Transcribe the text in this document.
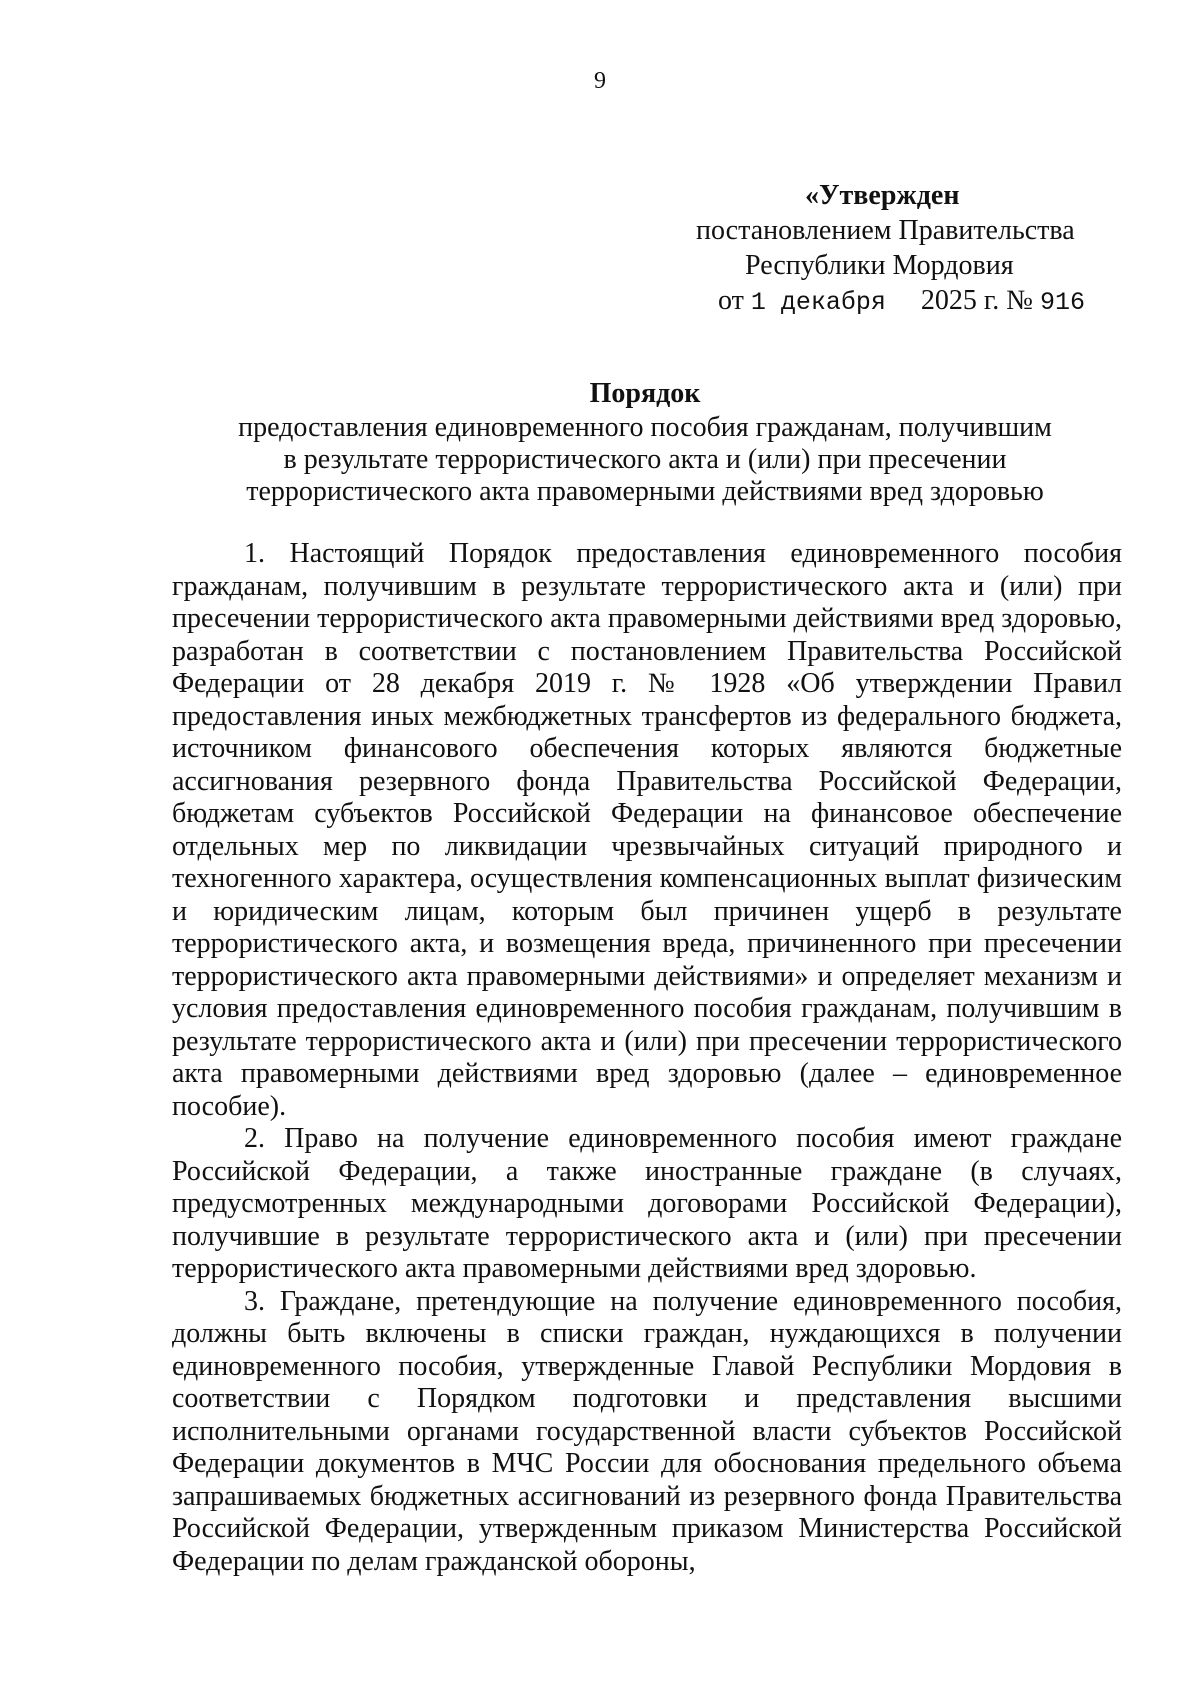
9
«Утвержден
постановлением Правительства
Республики Мордовия
от 1 декабря 2025 г. № 916
Порядок
предоставления единовременного пособия гражданам, получившим
в результате террористического акта и (или) при пресечении
террористического акта правомерными действиями вред здоровью

1. Настоящий Порядок предоставления единовременного пособия гражданам, получившим в результате террористического акта и (или) при пресечении террористического акта правомерными действиями вред здоровью, разработан в соответствии с постановлением Правительства Российской Федерации от 28 декабря 2019 г. № 1928 «Об утверждении Правил предоставления иных межбюджетных трансфертов из федерального бюджета, источником финансового обеспечения которых являются бюджетные ассигнования резервного фонда Правительства Российской Федерации, бюджетам субъектов Российской Федерации на финансовое обеспечение отдельных мер по ликвидации чрезвычайных ситуаций природного и техногенного характера, осуществления компенсационных выплат физическим и юридическим лицам, которым был причинен ущерб в результате террористического акта, и возмещения вреда, причиненного при пресечении террористического акта правомерными действиями» и определяет механизм и условия предоставления единовременного пособия гражданам, получившим в результате террористического акта и (или) при пресечении террористического акта правомерными действиями вред здоровью (далее – единовременное пособие).

2. Право на получение единовременного пособия имеют граждане Российской Федерации, а также иностранные граждане (в случаях, предусмотренных международными договорами Российской Федерации), получившие в результате террористического акта и (или) при пресечении террористического акта правомерными действиями вред здоровью.

3. Граждане, претендующие на получение единовременного пособия, должны быть включены в списки граждан, нуждающихся в получении единовременного пособия, утвержденные Главой Республики Мордовия в соответствии с Порядком подготовки и представления высшими исполнительными органами государственной власти субъектов Российской Федерации документов в МЧС России для обоснования предельного объема запрашиваемых бюджетных ассигнований из резервного фонда Правительства Российской Федерации, утвержденным приказом Министерства Российской Федерации по делам гражданской обороны,
